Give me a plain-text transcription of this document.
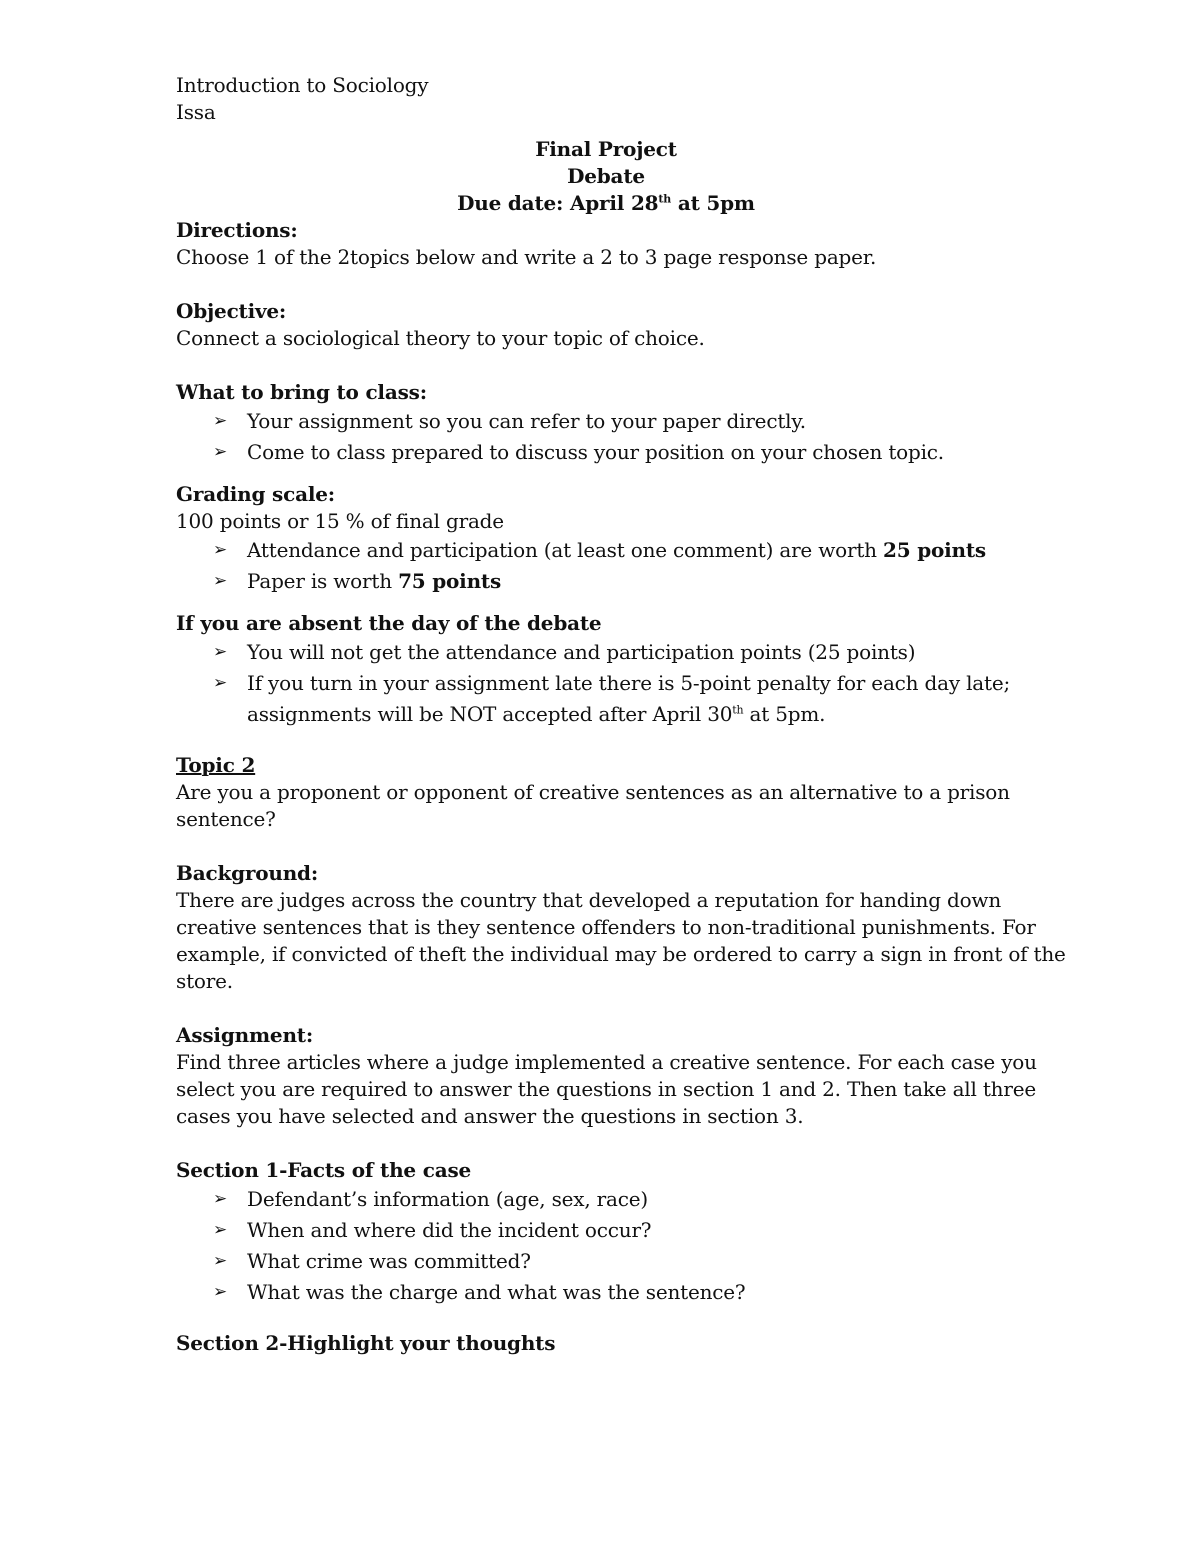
Introduction to Sociology
Issa
Final Project
Debate
Due date: April 28th at 5pm
Directions:
Choose 1 of the 2topics below and write a 2 to 3 page response paper.
Objective:
Connect a sociological theory to your topic of choice.
What to bring to class:
➢ Your assignment so you can refer to your paper directly.
➢ Come to class prepared to discuss your position on your chosen topic.
Grading scale:
100 points or 15 % of final grade
➢ Attendance and participation (at least one comment) are worth 25 points
➢ Paper is worth 75 points
If you are absent the day of the debate
➢ You will not get the attendance and participation points (25 points)
➢ If you turn in your assignment late there is 5-point penalty for each day late;
assignments will be NOT accepted after April 30th at 5pm.
Topic 2
Are you a proponent or opponent of creative sentences as an alternative to a prison
sentence?
Background:
There are judges across the country that developed a reputation for handing down
creative sentences that is they sentence offenders to non-traditional punishments. For
example, if convicted of theft the individual may be ordered to carry a sign in front of the
store.
Assignment:
Find three articles where a judge implemented a creative sentence. For each case you
select you are required to answer the questions in section 1 and 2. Then take all three
cases you have selected and answer the questions in section 3.
Section 1-Facts of the case
➢ Defendant’s information (age, sex, race)
➢ When and where did the incident occur?
➢ What crime was committed?
➢ What was the charge and what was the sentence?
Section 2-Highlight your thoughts
